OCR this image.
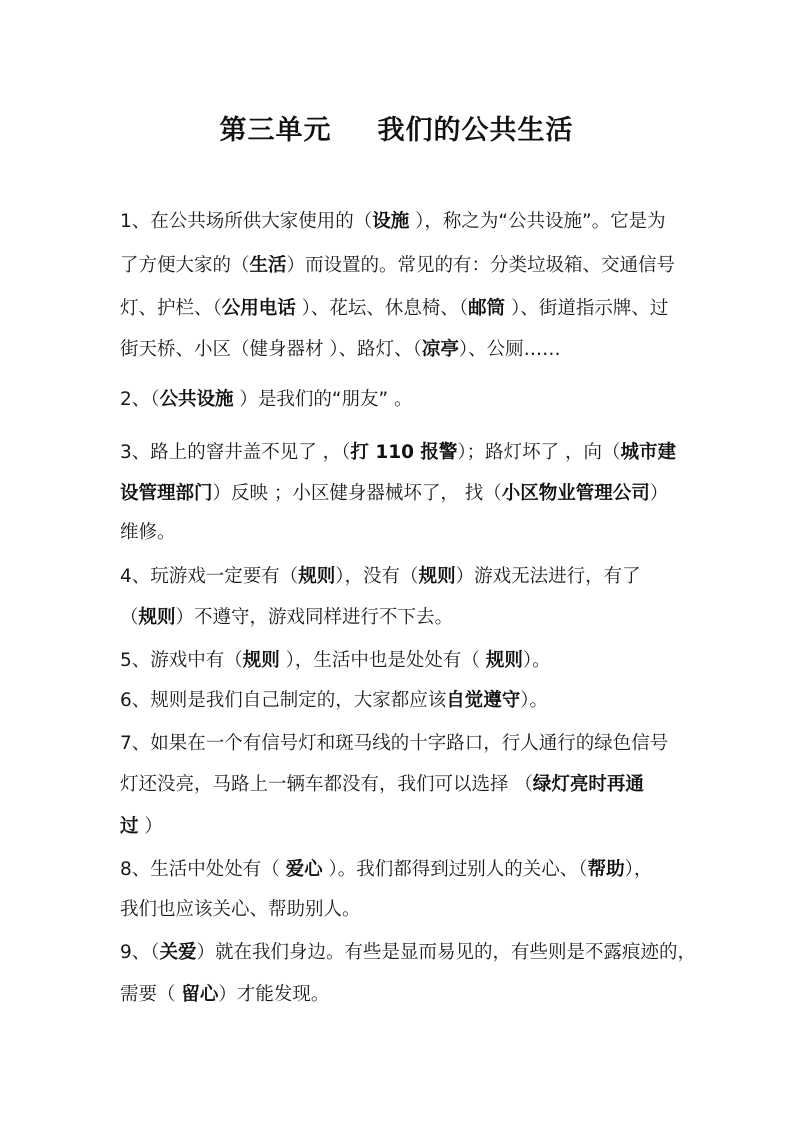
第三单元 我们的公共生活
1、在公共场所供大家使用的（设施 ），称之为“公共设施”。它是为
了方便大家的（生活）而设置的。常见的有：分类垃圾箱、交通信号
灯、护栏、（公用电话 ）、花坛、休息椅、（邮筒 ）、街道指示牌、过
街天桥、小区（健身器材 ）、路灯、（凉亭）、公厕……
2、（公共设施 ）是我们的“朋友” 。
3、路上的窨井盖不见了 ，（打 110 报警）；路灯坏了 ，向（城市建
设管理部门）反映 ；小区健身器械坏了， 找（小区物业管理公司）
维修。
4、玩游戏一定要有（规则），没有（规则）游戏无法进行，有了
（规则）不遵守，游戏同样进行不下去。
5、游戏中有（规则 ），生活中也是处处有（ 规则）。
6、规则是我们自己制定的，大家都应该自觉遵守）。
7、如果在一个有信号灯和斑马线的十字路口，行人通行的绿色信号
灯还没亮，马路上一辆车都没有，我们可以选择 （绿灯亮时再通
过 ）
8、生活中处处有（ 爱心 ）。我们都得到过别人的关心、（帮助），
我们也应该关心、帮助别人。
9、（关爱）就在我们身边。有些是显而易见的，有些则是不露痕迹的，
需要（ 留心）才能发现。
